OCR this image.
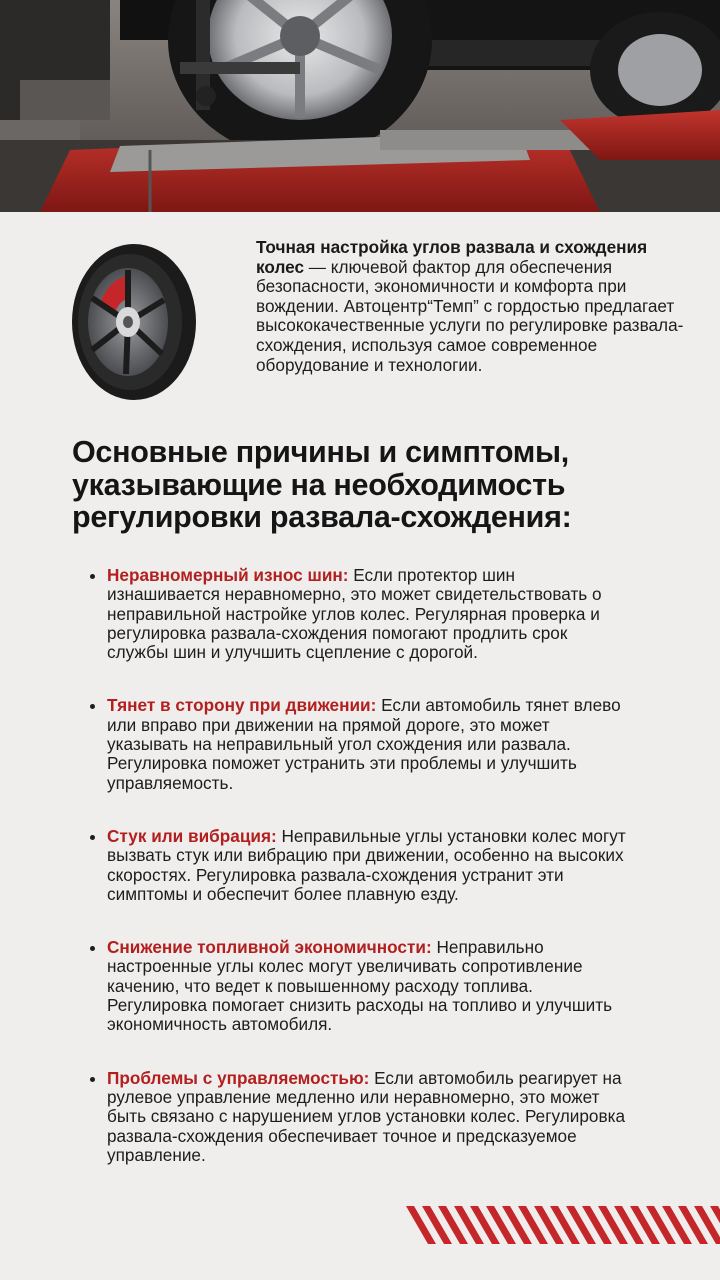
Точная настройка углов развала и схождения колес — ключевой фактор для обеспечения безопасности, экономичности и комфорта при вождении. Автоцентр“Темп” с гордостью предлагает высококачественные услуги по регулировке развала-схождения, используя самое современное оборудование и технологии.

Основные причины и симптомы, указывающие на необходимость регулировки развала-схождения:
Неравномерный износ шин: Если протектор шин изнашивается неравномерно, это может свидетельствовать о неправильной настройке углов колес. Регулярная проверка и регулировка развала-схождения помогают продлить срок службы шин и улучшить сцепление с дорогой.
Тянет в сторону при движении: Если автомобиль тянет влево или вправо при движении на прямой дороге, это может указывать на неправильный угол схождения или развала. Регулировка поможет устранить эти проблемы и улучшить управляемость.
Стук или вибрация: Неправильные углы установки колес могут вызвать стук или вибрацию при движении, особенно на высоких скоростях. Регулировка развала-схождения устранит эти симптомы и обеспечит более плавную езду.
Снижение топливной экономичности: Неправильно настроенные углы колес могут увеличивать сопротивление качению, что ведет к повышенному расходу топлива. Регулировка помогает снизить расходы на топливо и улучшить экономичность автомобиля.
Проблемы с управляемостью: Если автомобиль реагирует на рулевое управление медленно или неравномерно, это может быть связано с нарушением углов установки колес. Регулировка развала-схождения обеспечивает точное и предсказуемое управление.
